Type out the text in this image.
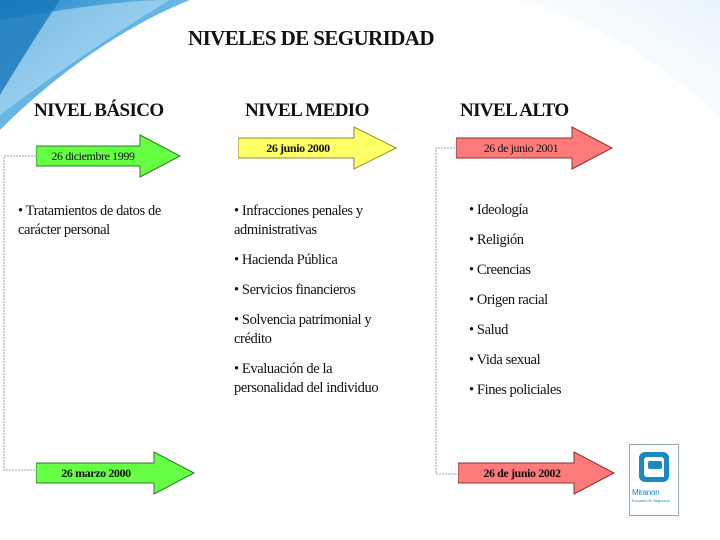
NIVELES DE SEGURIDAD
NIVEL BÁSICO	NIVEL MEDIO	NIVEL ALTO
26 diciembre 1999
26 junio 2000	26 de junio 2001
26 marzo 2000	26 de junio 2002
• Tratamientos de datos de carácter personal
• Infracciones penales y administrativas
• Hacienda Pública
• Servicios financieros
• Solvencia patrimonial y crédito
• Evaluación de la personalidad del individuo
• Ideología
• Religión
• Creencias
• Origen racial
• Salud
• Vida sexual
• Fines policiales
Miranon
Escuela de Negocios
